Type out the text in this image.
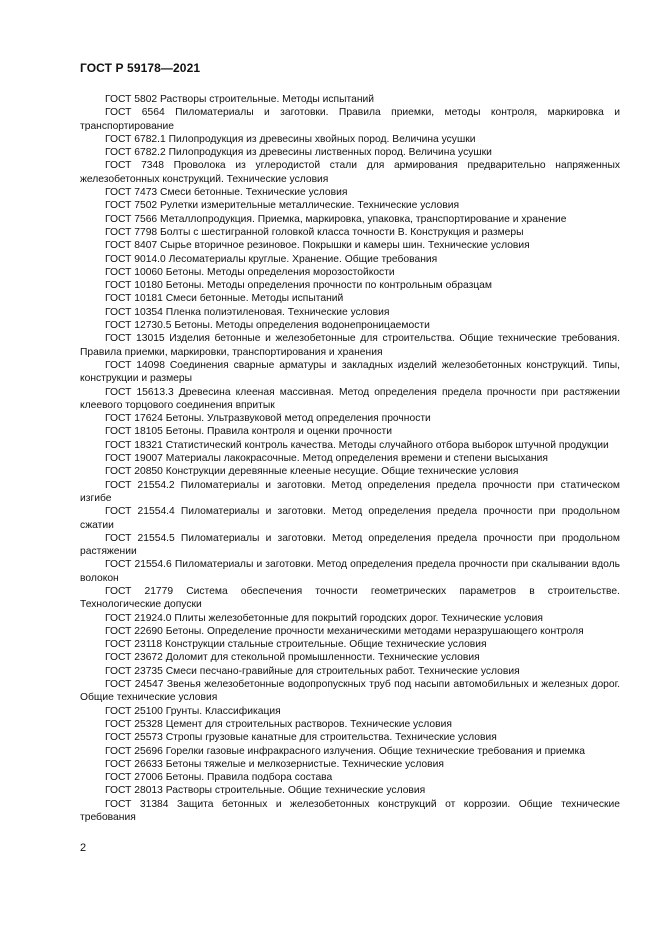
ГОСТ Р 59178—2021

ГОСТ 5802 Растворы строительные. Методы испытаний

ГОСТ 6564 Пиломатериалы и заготовки. Правила приемки, методы контроля, маркировка и транспортирование

ГОСТ 6782.1 Пилопродукция из древесины хвойных пород. Величина усушки

ГОСТ 6782.2 Пилопродукция из древесины лиственных пород. Величина усушки

ГОСТ 7348 Проволока из углеродистой стали для армирования предварительно напряженных железобетонных конструкций. Технические условия

ГОСТ 7473 Смеси бетонные. Технические условия

ГОСТ 7502 Рулетки измерительные металлические. Технические условия

ГОСТ 7566 Металлопродукция. Приемка, маркировка, упаковка, транспортирование и хранение

ГОСТ 7798 Болты с шестигранной головкой класса точности В. Конструкция и размеры

ГОСТ 8407 Сырье вторичное резиновое. Покрышки и камеры шин. Технические условия

ГОСТ 9014.0 Лесоматериалы круглые. Хранение. Общие требования

ГОСТ 10060 Бетоны. Методы определения морозостойкости

ГОСТ 10180 Бетоны. Методы определения прочности по контрольным образцам

ГОСТ 10181 Смеси бетонные. Методы испытаний

ГОСТ 10354 Пленка полиэтиленовая. Технические условия

ГОСТ 12730.5 Бетоны. Методы определения водонепроницаемости

ГОСТ 13015 Изделия бетонные и железобетонные для строительства. Общие технические требования. Правила приемки, маркировки, транспортирования и хранения

ГОСТ 14098 Соединения сварные арматуры и закладных изделий железобетонных конструкций. Типы, конструкции и размеры

ГОСТ 15613.3 Древесина клееная массивная. Метод определения предела прочности при растяжении клеевого торцового соединения впритык

ГОСТ 17624 Бетоны. Ультразвуковой метод определения прочности

ГОСТ 18105 Бетоны. Правила контроля и оценки прочности

ГОСТ 18321 Статистический контроль качества. Методы случайного отбора выборок штучной продукции

ГОСТ 19007 Материалы лакокрасочные. Метод определения времени и степени высыхания

ГОСТ 20850 Конструкции деревянные клееные несущие. Общие технические условия

ГОСТ 21554.2 Пиломатериалы и заготовки. Метод определения предела прочности при статическом изгибе

ГОСТ 21554.4 Пиломатериалы и заготовки. Метод определения предела прочности при продольном сжатии

ГОСТ 21554.5 Пиломатериалы и заготовки. Метод определения предела прочности при продольном растяжении

ГОСТ 21554.6 Пиломатериалы и заготовки. Метод определения предела прочности при скалывании вдоль волокон

ГОСТ 21779 Система обеспечения точности геометрических параметров в строительстве. Технологические допуски

ГОСТ 21924.0 Плиты железобетонные для покрытий городских дорог. Технические условия

ГОСТ 22690 Бетоны. Определение прочности механическими методами неразрушающего контроля

ГОСТ 23118 Конструкции стальные строительные. Общие технические условия

ГОСТ 23672 Доломит для стекольной промышленности. Технические условия

ГОСТ 23735 Смеси песчано-гравийные для строительных работ. Технические условия

ГОСТ 24547 Звенья железобетонные водопропускных труб под насыпи автомобильных и железных дорог. Общие технические условия

ГОСТ 25100 Грунты. Классификация

ГОСТ 25328 Цемент для строительных растворов. Технические условия

ГОСТ 25573 Стропы грузовые канатные для строительства. Технические условия

ГОСТ 25696 Горелки газовые инфракрасного излучения. Общие технические требования и приемка

ГОСТ 26633 Бетоны тяжелые и мелкозернистые. Технические условия

ГОСТ 27006 Бетоны. Правила подбора состава

ГОСТ 28013 Растворы строительные. Общие технические условия

ГОСТ 31384 Защита бетонных и железобетонных конструкций от коррозии. Общие технические требования

2
